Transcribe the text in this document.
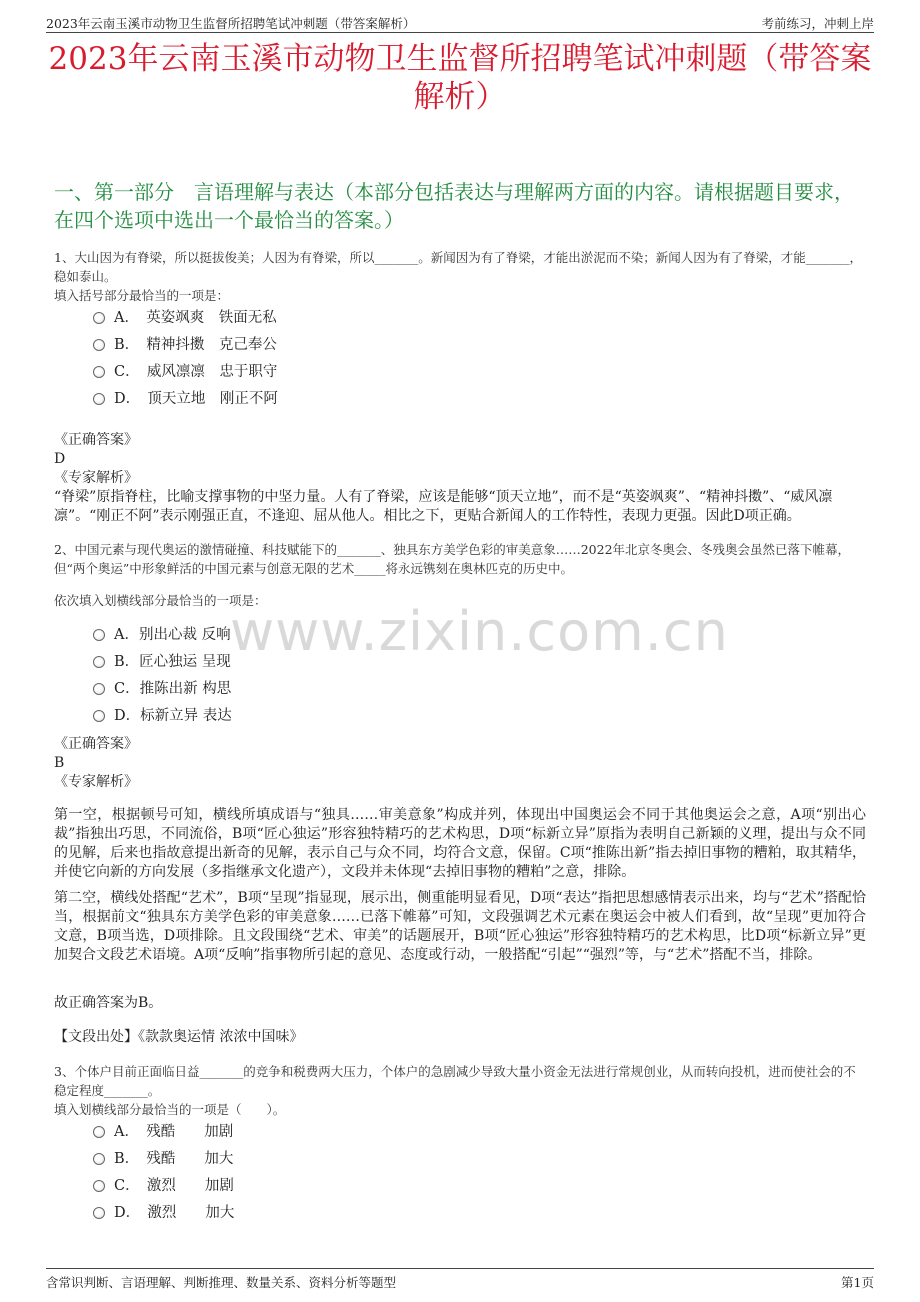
2023年云南玉溪市动物卫生监督所招聘笔试冲刺题（带答案解析）	考前练习，冲刺上岸
2023年云南玉溪市动物卫生监督所招聘笔试冲刺题（带答案解析）
一、第一部分　言语理解与表达（本部分包括表达与理解两方面的内容。请根据题目要求，在四个选项中选出一个最恰当的答案。）
www.zixin.com.cn
1、大山因为有脊梁，所以挺拔俊美；人因为有脊梁，所以_______。新闻因为有了脊梁，才能出淤泥而不染；新闻人因为有了脊梁，才能_______，稳如泰山。
填入括号部分最恰当的一项是：
A．　英姿飒爽　铁面无私
B．　精神抖擞　克己奉公
C．　威风凛凛　忠于职守
D．　顶天立地　刚正不阿
《正确答案》
D
《专家解析》
“脊梁”原指脊柱，比喻支撑事物的中坚力量。人有了脊梁，应该是能够“顶天立地”，而不是“英姿飒爽”、“精神抖擞”、“威风凛凛”。“刚正不阿”表示刚强正直，不逢迎、屈从他人。相比之下，更贴合新闻人的工作特性，表现力更强。因此D项正确。
2、中国元素与现代奥运的激情碰撞、科技赋能下的_______、独具东方美学色彩的审美意象……2022年北京冬奥会、冬残奥会虽然已落下帷幕，但“两个奥运”中形象鲜活的中国元素与创意无限的艺术_____将永远镌刻在奥林匹克的历史中。
依次填入划横线部分最恰当的一项是：
A．别出心裁 反响
B．匠心独运 呈现
C．推陈出新 构思
D．标新立异 表达
《正确答案》
B
《专家解析》
第一空，根据顿号可知，横线所填成语与“独具……审美意象”构成并列，体现出中国奥运会不同于其他奥运会之意，A项“别出心裁”指独出巧思，不同流俗，B项“匠心独运”形容独特精巧的艺术构思，D项“标新立异”原指为表明自己新颖的义理，提出与众不同的见解，后来也指故意提出新奇的见解，表示自己与众不同，均符合文意，保留。C项“推陈出新”指去掉旧事物的糟粕，取其精华，并使它向新的方向发展（多指继承文化遗产），文段并未体现“去掉旧事物的糟粕”之意，排除。
第二空，横线处搭配“艺术”，B项“呈现”指显现，展示出，侧重能明显看见，D项“表达”指把思想感情表示出来，均与“艺术”搭配恰当，根据前文“独具东方美学色彩的审美意象……已落下帷幕”可知，文段强调艺术元素在奥运会中被人们看到，故“呈现”更加符合文意，B项当选，D项排除。且文段围绕“艺术、审美”的话题展开，B项“匠心独运”形容独特精巧的艺术构思，比D项“标新立异”更加契合文段艺术语境。A项“反响”指事物所引起的意见、态度或行动，一般搭配“引起”“强烈”等，与“艺术”搭配不当，排除。
故正确答案为B。
【文段出处】《款款奥运情 浓浓中国味》
3、个体户目前正面临日益_______的竞争和税费两大压力，个体户的急剧减少导致大量小资金无法进行常规创业，从而转向投机，进而使社会的不稳定程度_______。
填入划横线部分最恰当的一项是（　　）。
A．　残酷　　加剧
B．　残酷　　加大
C．　激烈　　加剧
D．　激烈　　加大
含常识判断、言语理解、判断推理、数量关系、资料分析等题型	第1页
